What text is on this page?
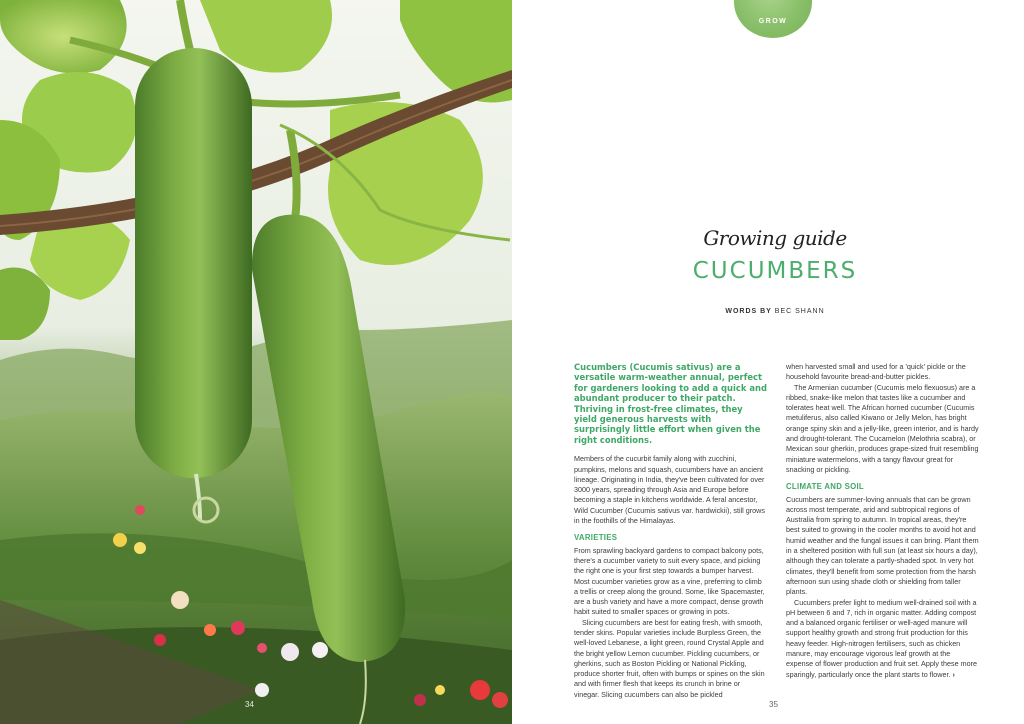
34
GROW
Growing guide
CUCUMBERS
WORDS BY BEC SHANN
Cucumbers (Cucumis sativus) are a versatile warm-weather annual, perfect for gardeners looking to add a quick and abundant producer to their patch. Thriving in frost-free climates, they yield generous harvests with surprisingly little effort when given the right conditions.

Members of the cucurbit family along with zucchini, pumpkins, melons and squash, cucumbers have an ancient lineage. Originating in India, they've been cultivated for over 3000 years, spreading through Asia and Europe before becoming a staple in kitchens worldwide. A feral ancestor, Wild Cucumber (Cucumis sativus var. hardwickii), still grows in the foothills of the Himalayas.

VARIETIES

From sprawling backyard gardens to compact balcony pots, there's a cucumber variety to suit every space, and picking the right one is your first step towards a bumper harvest. Most cucumber varieties grow as a vine, preferring to climb a trellis or creep along the ground. Some, like Spacemaster, are a bush variety and have a more compact, dense growth habit suited to smaller spaces or growing in pots.

Slicing cucumbers are best for eating fresh, with smooth, tender skins. Popular varieties include Burpless Green, the well-loved Lebanese, a light green, round Crystal Apple and the bright yellow Lemon cucumber. Pickling cucumbers, or gherkins, such as Boston Pickling or National Pickling, produce shorter fruit, often with bumps or spines on the skin and with firmer flesh that keeps its crunch in brine or vinegar. Slicing cucumbers can also be pickled

when harvested small and used for a 'quick' pickle or the household favourite bread-and-butter pickles.

The Armenian cucumber (Cucumis melo flexuosus) are a ribbed, snake-like melon that tastes like a cucumber and tolerates heat well. The African horned cucumber (Cucumis metuliferus, also called Kiwano or Jelly Melon, has bright orange spiny skin and a jelly-like, green interior, and is hardy and drought-tolerant. The Cucamelon (Melothria scabra), or Mexican sour gherkin, produces grape-sized fruit resembling miniature watermelons, with a tangy flavour great for snacking or pickling.

CLIMATE AND SOIL

Cucumbers are summer-loving annuals that can be grown across most temperate, arid and subtropical regions of Australia from spring to autumn. In tropical areas, they're best suited to growing in the cooler months to avoid hot and humid weather and the fungal issues it can bring. Plant them in a sheltered position with full sun (at least six hours a day), although they can tolerate a partly-shaded spot. In very hot climates, they'll benefit from some protection from the harsh afternoon sun using shade cloth or shielding from taller plants.

Cucumbers prefer light to medium well-drained soil with a pH between 6 and 7, rich in organic matter. Adding compost and a balanced organic fertiliser or well-aged manure will support healthy growth and strong fruit production for this heavy feeder. High-nitrogen fertilisers, such as chicken manure, may encourage vigorous leaf growth at the expense of flower production and fruit set. Apply these more sparingly, particularly once the plant starts to flower. ›

35
